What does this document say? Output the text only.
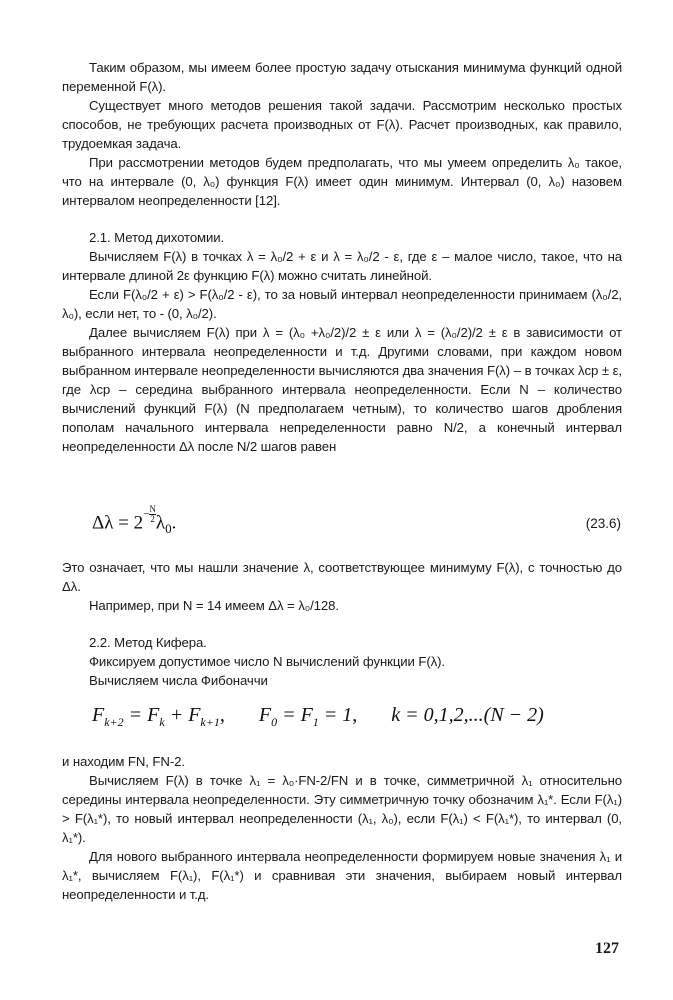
Таким образом, мы имеем более простую задачу отыскания минимума функций одной переменной F(λ).

Существует много методов решения такой задачи. Рассмотрим несколько простых способов, не требующих расчета производных от F(λ). Расчет производных, как правило, трудоемкая задача.

При рассмотрении методов будем предполагать, что мы умеем определить λ₀ такое, что на интервале (0, λ₀) функция F(λ) имеет один минимум. Интервал (0, λ₀) назовем интервалом неопределенности [12].

2.1. Метод дихотомии.

Вычисляем F(λ) в точках λ = λ₀/2 + ε и λ = λ₀/2 - ε, где ε – малое число, такое, что на интервале длиной 2ε функцию F(λ) можно считать линейной.

Если F(λ₀/2 + ε) > F(λ₀/2 - ε), то за новый интервал неопределенности принимаем (λ₀/2, λ₀), если нет, то - (0, λ₀/2).

Далее вычисляем F(λ) при λ = (λ₀ +λ₀/2)/2 ± ε или λ = (λ₀/2)/2 ± ε в зависимости от выбранного интервала неопределенности и т.д. Другими словами, при каждом новом выбранном интервале неопределенности вычисляются два значения F(λ) – в точках λср ± ε, где λср – середина выбранного интервала неопределенности. Если N – количество вычислений функций F(λ) (N предполагаем четным), то количество шагов дробления пополам начального интервала непределенности равно N/2, а конечный интервал неопределенности Δλ после N/2 шагов равен

$\Delta\lambda = 2^{- \frac{N}{2}}$ $\lambda_0$.	(23.6)

Это означает, что мы нашли значение λ, соответствующее минимуму F(λ), с точностью до Δλ.

Например, при N = 14 имеем Δλ = λ₀/128.

2.2. Метод Кифера.

Фиксируем допустимое число N вычислений функции F(λ).

Вычисляем числа Фибоначчи

$F_{k+2} = F_k + F_{k+1}$, $F_0 = F_1 = 1$, k = 0,1,2,...(N − 2)

и находим FN, FN-2.

Вычисляем F(λ) в точке λ₁ = λ₀·FN-2/FN и в точке, симметричной λ₁ относительно середины интервала неопределенности. Эту симметричную точку обозначим λ₁*. Если F(λ₁) > F(λ₁*), то новый интервал неопределенности (λ₁, λ₀), если F(λ₁) < F(λ₁*), то интервал (0, λ₁*).

Для нового выбранного интервала неопределенности формируем новые значения λ₁ и λ₁*, вычисляем F(λ₁), F(λ₁*) и сравнивая эти значения, выбираем новый интервал неопределенности и т.д.

127
